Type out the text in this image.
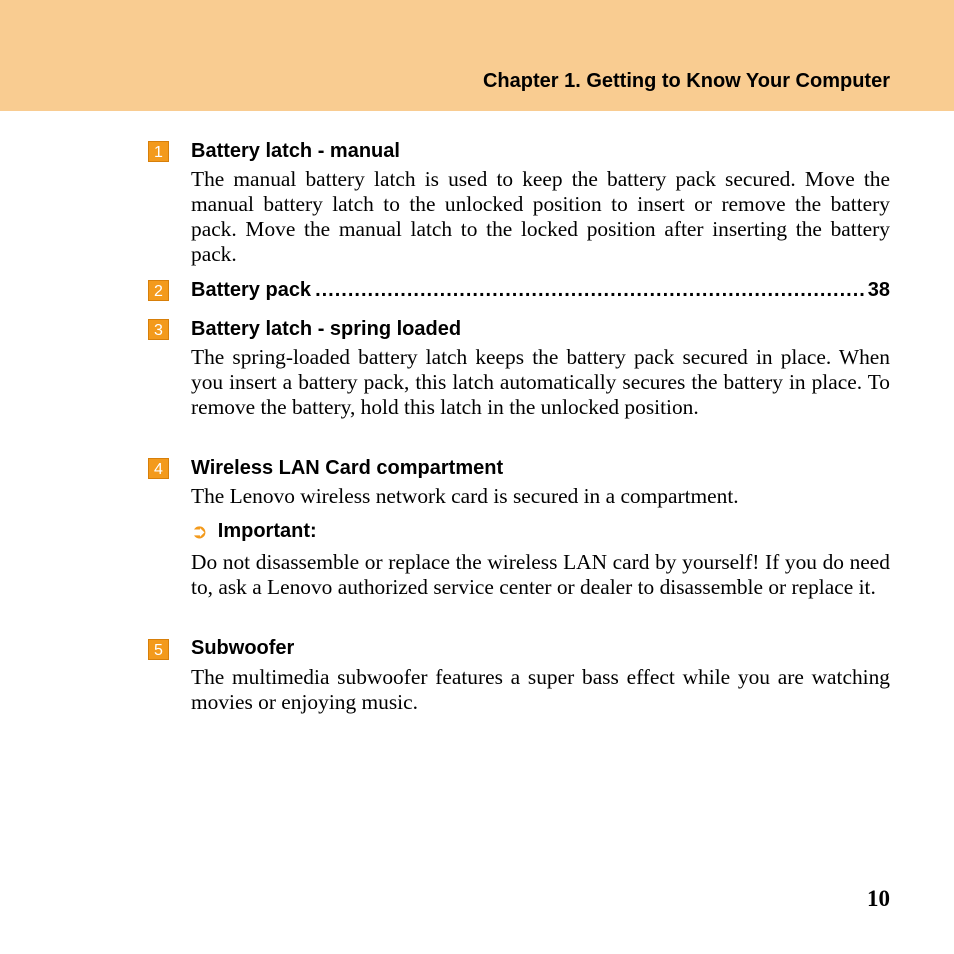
Chapter 1. Getting to Know Your Computer
1	Battery latch - manual
The manual battery latch is used to keep the battery pack secured. Move the manual battery latch to the unlocked position to insert or remove the battery pack. Move the manual latch to the locked position after inserting the battery pack.
2	Battery pack
.....	38
3	Battery latch - spring loaded
The spring-loaded battery latch keeps the battery pack secured in place. When you insert a battery pack, this latch automatically secures the battery in place. To remove the battery, hold this latch in the unlocked position.
4	Wireless LAN Card compartment
The Lenovo wireless network card is secured in a compartment.
➲ Important:
Do not disassemble or replace the wireless LAN card by yourself! If you do need to, ask a Lenovo authorized service center or dealer to disassemble or replace it.
5	Subwoofer
The multimedia subwoofer features a super bass effect while you are watching movies or enjoying music.
10
